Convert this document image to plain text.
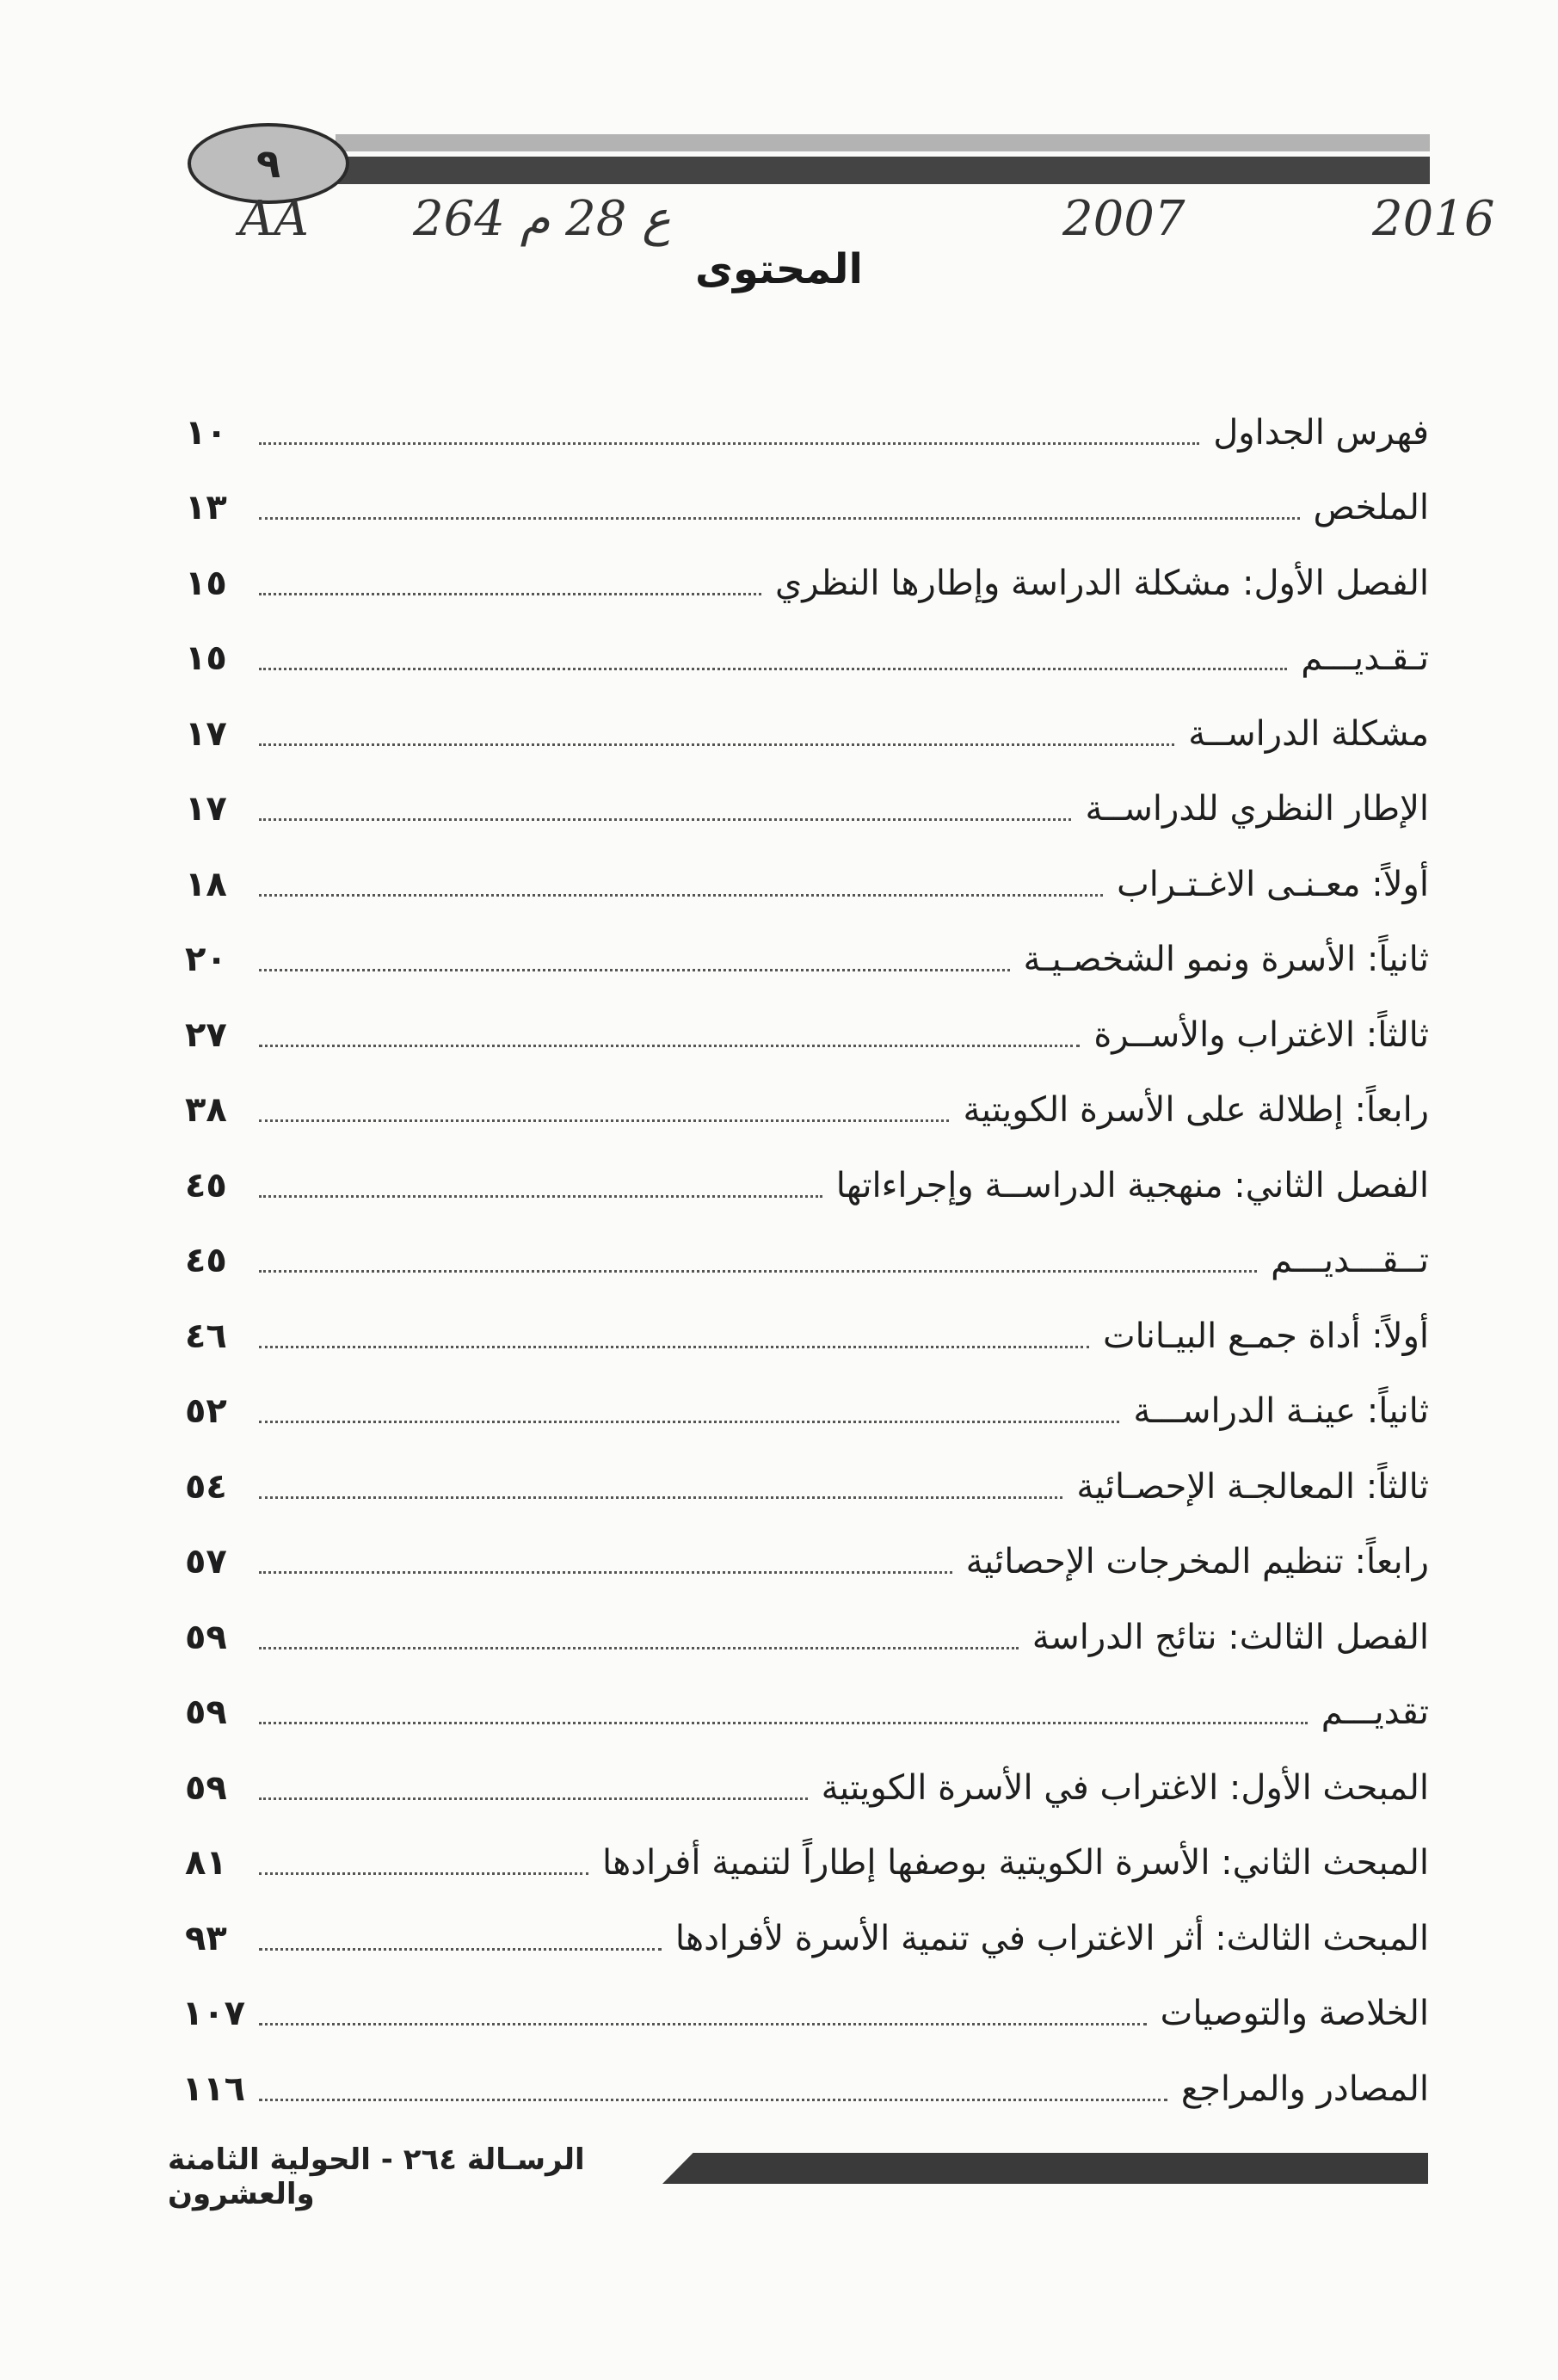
٩
AA 264 ع 28 م	2007	2016
المحتوى
فهرس الجداول
١٠
الملخص
١٣
الفصل الأول: مشكلة الدراسة وإطارها النظري
١٥
تـقـديـــم
١٥
مشكلة الدراســة
١٧
الإطار النظري للدراســة
١٧
أولاً: معـنـى الاغـتـراب
١٨
ثانياً: الأسرة ونمو الشخصـيـة
٢٠
ثالثاً: الاغتراب والأســرة
٢٧
رابعاً: إطلالة على الأسرة الكويتية
٣٨
الفصل الثاني: منهجية الدراســة وإجراءاتها
٤٥
تــقـــديـــم
٤٥
أولاً: أداة جمـع البيـانات
٤٦
ثانياً: عينـة الدراســـة
٥٢
ثالثاً: المعالجـة الإحصـائية
٥٤
رابعاً: تنظيم المخرجات الإحصائية
٥٧
الفصل الثالث: نتائج الدراسة
٥٩
تقديـــم
٥٩
المبحث الأول: الاغتراب في الأسرة الكويتية
٥٩
المبحث الثاني: الأسرة الكويتية بوصفها إطاراً لتنمية أفرادها
٨١
المبحث الثالث: أثر الاغتراب في تنمية الأسرة لأفرادها
٩٣
الخلاصة والتوصيات
١٠٧
المصادر والمراجع
١١٦
الرسـالة ٢٦٤ - الحولية الثامنة والعشرون
